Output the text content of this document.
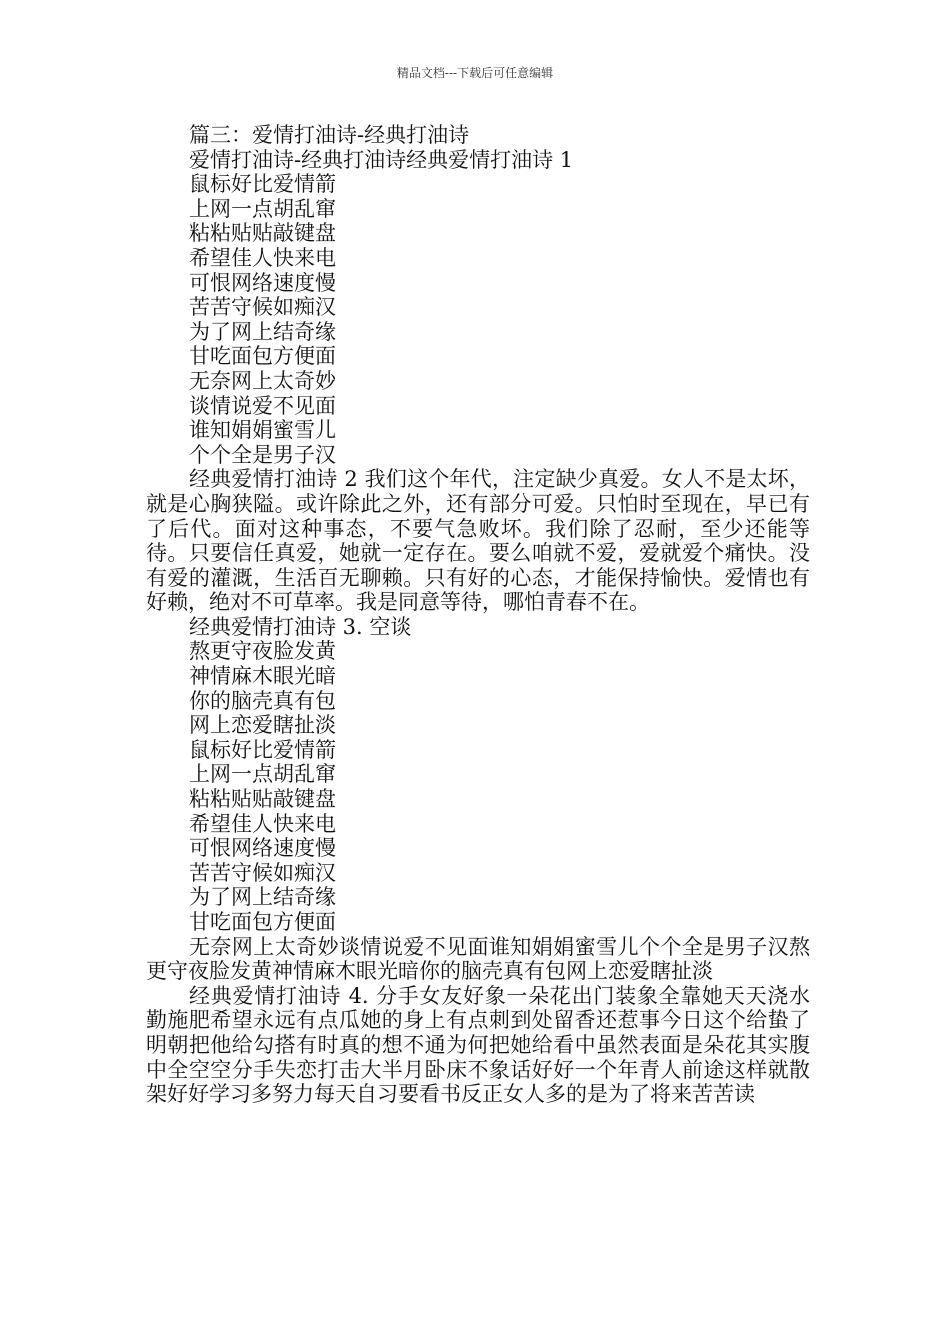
精品文档---下载后可任意编辑
篇三：爱情打油诗-经典打油诗
爱情打油诗-经典打油诗经典爱情打油诗 1
鼠标好比爱情箭
上网一点胡乱窜
粘粘贴贴敲键盘
希望佳人快来电
可恨网络速度慢
苦苦守候如痴汉
为了网上结奇缘
甘吃面包方便面
无奈网上太奇妙
谈情说爱不见面
谁知娟娟蜜雪儿
个个全是男子汉
经典爱情打油诗 2 我们这个年代，注定缺少真爱。女人不是太坏，就是心胸狭隘。或许除此之外，还有部分可爱。只怕时至现在，早已有了后代。面对这种事态，不要气急败坏。我们除了忍耐，至少还能等待。只要信任真爱，她就一定存在。要么咱就不爱，爱就爱个痛快。没有爱的灌溉，生活百无聊赖。只有好的心态，才能保持愉快。爱情也有好赖，绝对不可草率。我是同意等待，哪怕青春不在。
经典爱情打油诗 3. 空谈
熬更守夜脸发黄
神情麻木眼光暗
你的脑壳真有包
网上恋爱瞎扯淡
鼠标好比爱情箭
上网一点胡乱窜
粘粘贴贴敲键盘
希望佳人快来电
可恨网络速度慢
苦苦守候如痴汉
为了网上结奇缘
甘吃面包方便面
无奈网上太奇妙谈情说爱不见面谁知娟娟蜜雪儿个个全是男子汉熬更守夜脸发黄神情麻木眼光暗你的脑壳真有包网上恋爱瞎扯淡
经典爱情打油诗 4. 分手女友好象一朵花出门装象全靠她天天浇水勤施肥希望永远有点瓜她的身上有点刺到处留香还惹事今日这个给蛰了明朝把他给勾搭有时真的想不通为何把她给看中虽然表面是朵花其实腹中全空空分手失恋打击大半月卧床不象话好好一个年青人前途这样就散架好好学习多努力每天自习要看书反正女人多的是为了将来苦苦读
